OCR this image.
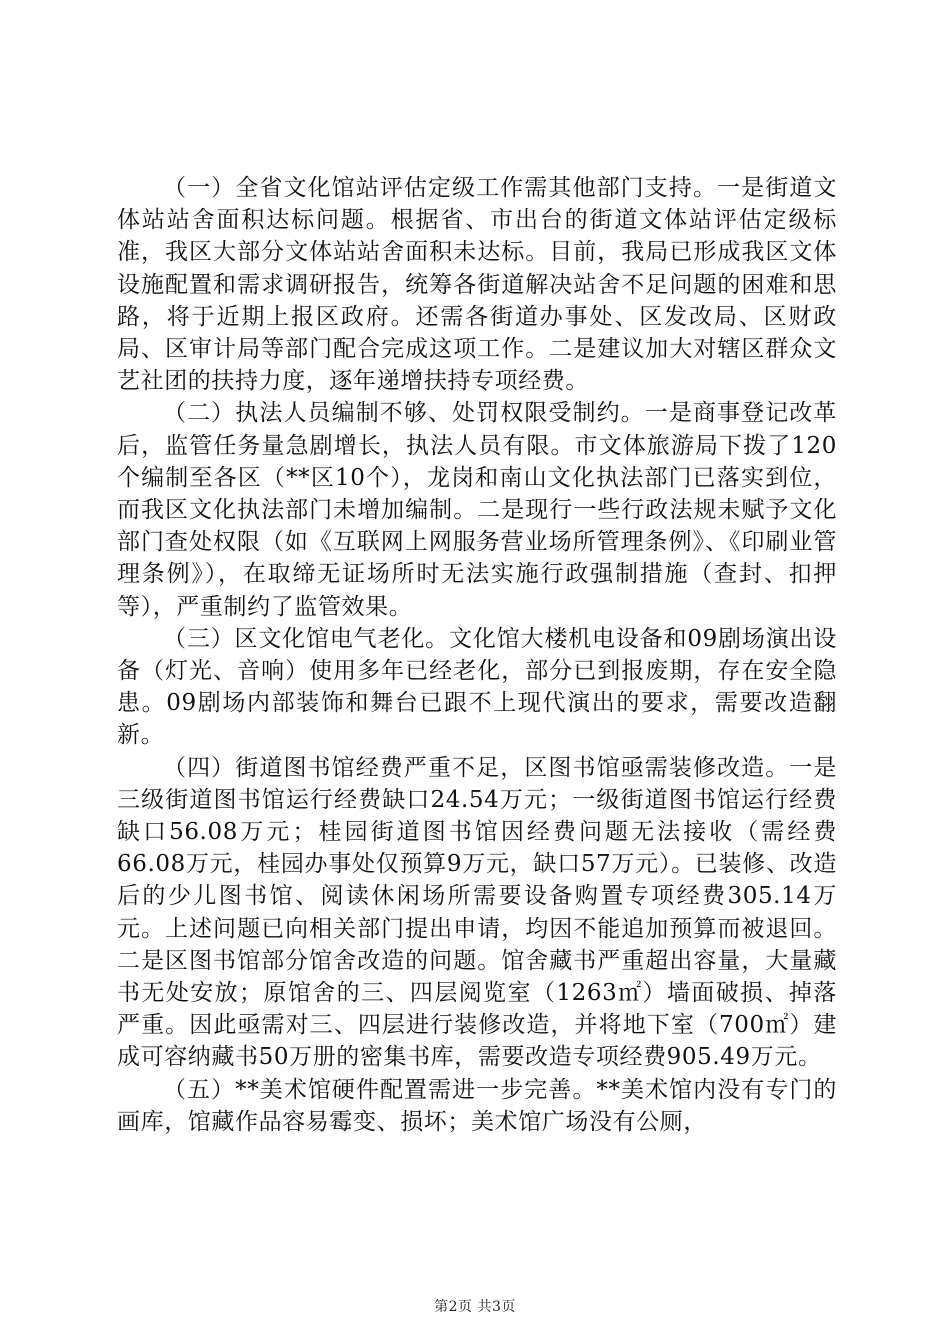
（一）全省文化馆站评估定级工作需其他部门支持。一是街道文体站站舍面积达标问题。根据省、市出台的街道文体站评估定级标准，我区大部分文体站站舍面积未达标。目前，我局已形成我区文体设施配置和需求调研报告，统筹各街道解决站舍不足问题的困难和思路，将于近期上报区政府。还需各街道办事处、区发改局、区财政局、区审计局等部门配合完成这项工作。二是建议加大对辖区群众文艺社团的扶持力度，逐年递增扶持专项经费。

（二）执法人员编制不够、处罚权限受制约。一是商事登记改革后，监管任务量急剧增长，执法人员有限。市文体旅游局下拨了120个编制至各区（**区10个），龙岗和南山文化执法部门已落实到位，而我区文化执法部门未增加编制。二是现行一些行政法规未赋予文化部门查处权限（如《互联网上网服务营业场所管理条例》、《印刷业管理条例》），在取缔无证场所时无法实施行政强制措施（查封、扣押等），严重制约了监管效果。

（三）区文化馆电气老化。文化馆大楼机电设备和09剧场演出设备（灯光、音响）使用多年已经老化，部分已到报废期，存在安全隐患。09剧场内部装饰和舞台已跟不上现代演出的要求，需要改造翻新。

（四）街道图书馆经费严重不足，区图书馆亟需装修改造。一是三级街道图书馆运行经费缺口24.54万元；一级街道图书馆运行经费缺口56.08万元；桂园街道图书馆因经费问题无法接收（需经费66.08万元，桂园办事处仅预算9万元，缺口57万元）。已装修、改造后的少儿图书馆、阅读休闲场所需要设备购置专项经费305.14万元。上述问题已向相关部门提出申请，均因不能追加预算而被退回。二是区图书馆部分馆舍改造的问题。馆舍藏书严重超出容量，大量藏书无处安放；原馆舍的三、四层阅览室（1263㎡）墙面破损、掉落严重。因此亟需对三、四层进行装修改造，并将地下室（700㎡）建成可容纳藏书50万册的密集书库，需要改造专项经费905.49万元。

（五）**美术馆硬件配置需进一步完善。**美术馆内没有专门的画库，馆藏作品容易霉变、损坏；美术馆广场没有公厕，

第2页 共3页
